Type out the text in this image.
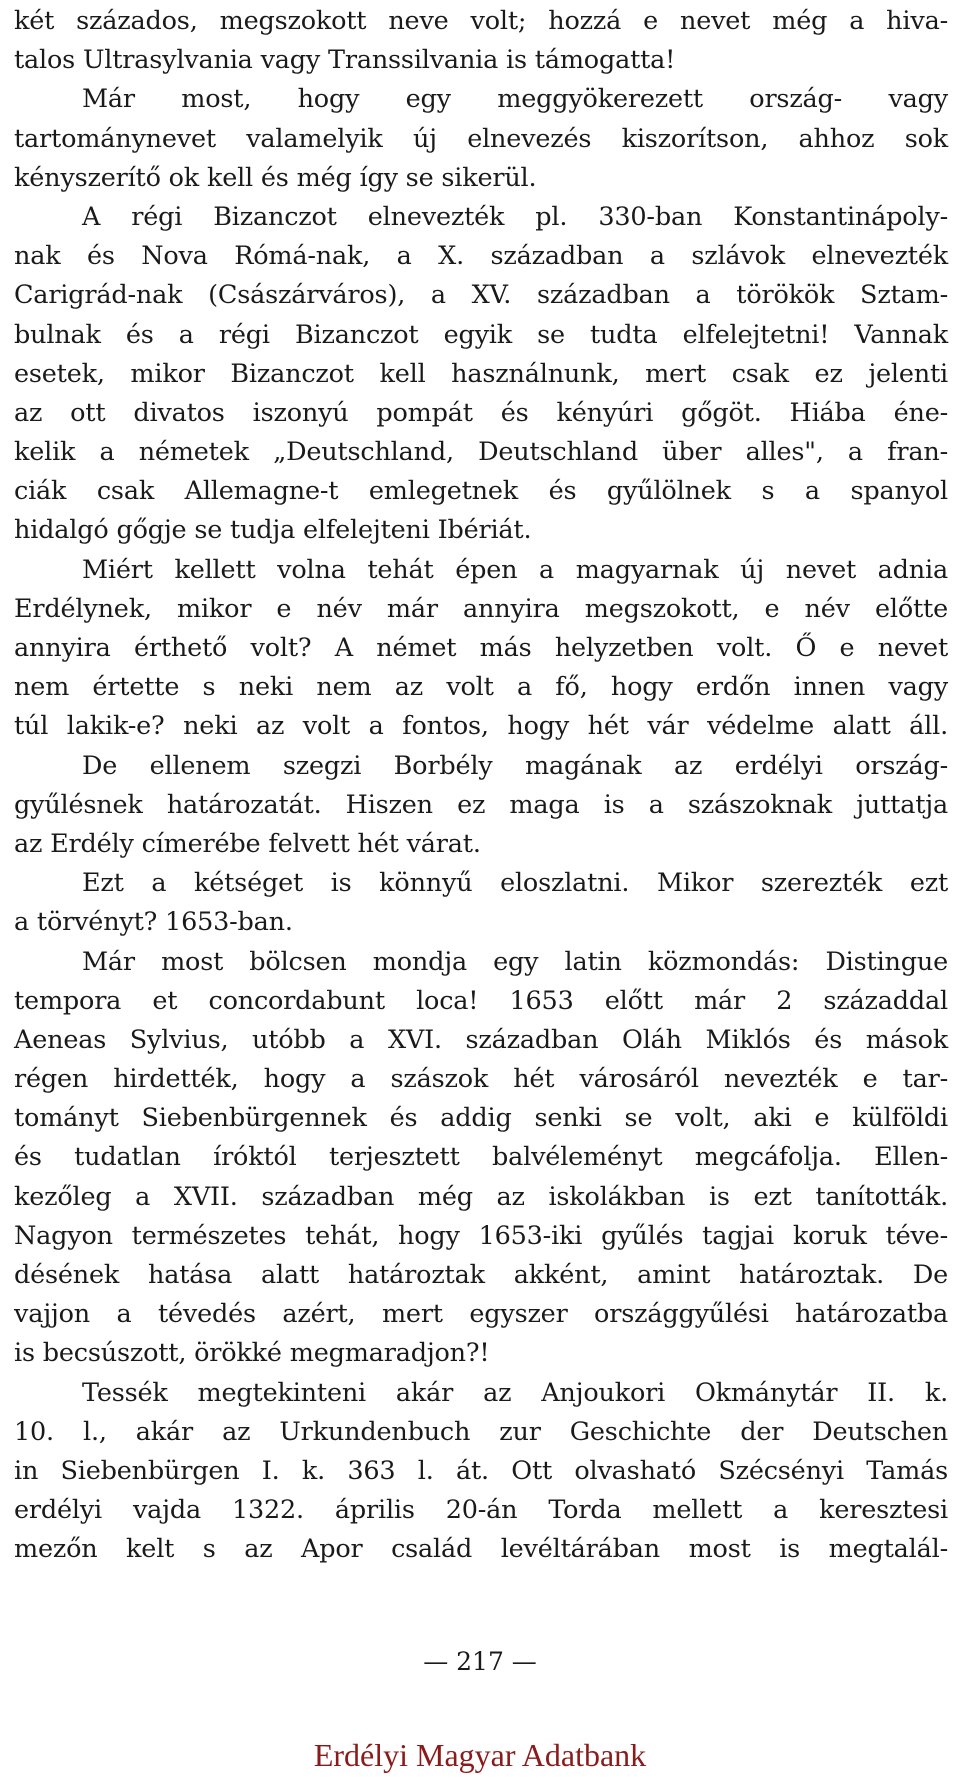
két százados, megszokott neve volt; hozzá e nevet még a hiva-
talos Ultrasylvania vagy Transsilvania is támogatta!
Már most, hogy egy meggyökerezett ország- vagy
tartománynevet valamelyik új elnevezés kiszorítson, ahhoz sok
kényszerítő ok kell és még így se sikerül.
A régi Bizanczot elnevezték pl. 330-ban Konstantinápoly-
nak és Nova Rómá-nak, a X. században a szlávok elnevezték
Carigrád-nak (Császárváros), a XV. században a törökök Sztam-
bulnak és a régi Bizanczot egyik se tudta elfelejtetni! Vannak
esetek, mikor Bizanczot kell használnunk, mert csak ez jelenti
az ott divatos iszonyú pompát és kényúri gőgöt. Hiába éne-
kelik a németek „Deutschland, Deutschland über alles", a fran-
ciák csak Allemagne-t emlegetnek és gyűlölnek s a spanyol
hidalgó gőgje se tudja elfelejteni Ibériát.
Miért kellett volna tehát épen a magyarnak új nevet adnia
Erdélynek, mikor e név már annyira megszokott, e név előtte
annyira érthető volt? A német más helyzetben volt. Ő e nevet
nem értette s neki nem az volt a fő, hogy erdőn innen vagy
túl lakik-e? neki az volt a fontos, hogy hét vár védelme alatt áll.
De ellenem szegzi Borbély magának az erdélyi ország-
gyűlésnek határozatát. Hiszen ez maga is a szászoknak juttatja
az Erdély címerébe felvett hét várat.
Ezt a kétséget is könnyű eloszlatni. Mikor szerezték ezt
a törvényt? 1653-ban.
Már most bölcsen mondja egy latin közmondás: Distingue
tempora et concordabunt loca! 1653 előtt már 2 századdal
Aeneas Sylvius, utóbb a XVI. században Oláh Miklós és mások
régen hirdették, hogy a szászok hét városáról nevezték e tar-
tományt Siebenbürgennek és addig senki se volt, aki e külföldi
és tudatlan íróktól terjesztett balvéleményt megcáfolja. Ellen-
kezőleg a XVII. században még az iskolákban is ezt tanították.
Nagyon természetes tehát, hogy 1653-iki gyűlés tagjai koruk téve-
désének hatása alatt határoztak akként, amint határoztak. De
vajjon a tévedés azért, mert egyszer országgyűlési határozatba
is becsúszott, örökké megmaradjon?!
Tessék megtekinteni akár az Anjoukori Okmánytár II. k.
10. l., akár az Urkundenbuch zur Geschichte der Deutschen
in Siebenbürgen I. k. 363 l. át. Ott olvasható Szécsényi Tamás
erdélyi vajda 1322. április 20-án Torda mellett a keresztesi
mezőn kelt s az Apor család levéltárában most is megtalál-
— 217 —
Erdélyi Magyar Adatbank
